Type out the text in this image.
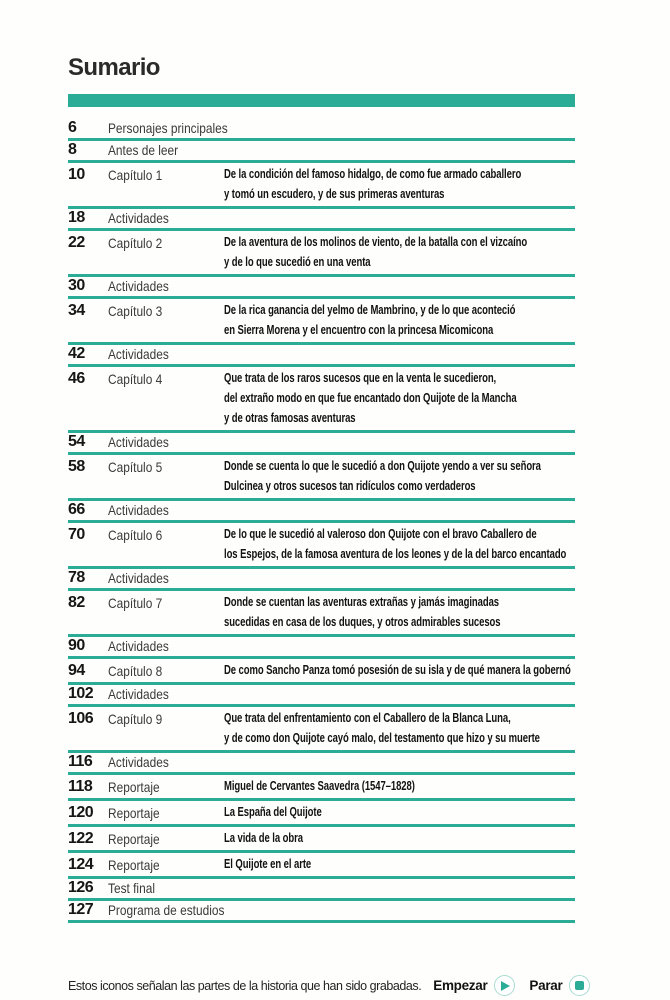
Sumario
6	Personajes principales
8	Antes de leer
10	Capítulo 1	De la condición del famoso hidalgo, de como fue armado caballero
y tomó un escudero, y de sus primeras aventuras
18	Actividades
22	Capítulo 2	De la aventura de los molinos de viento, de la batalla con el vizcaíno
y de lo que sucedió en una venta
30	Actividades
34	Capítulo 3	De la rica ganancia del yelmo de Mambrino, y de lo que aconteció
en Sierra Morena y el encuentro con la princesa Micomicona
42	Actividades
46	Capítulo 4	Que trata de los raros sucesos que en la venta le sucedieron,
del extraño modo en que fue encantado don Quijote de la Mancha
y de otras famosas aventuras
54	Actividades
58	Capítulo 5	Donde se cuenta lo que le sucedió a don Quijote yendo a ver su señora
Dulcinea y otros sucesos tan ridículos como verdaderos
66	Actividades
70	Capítulo 6	De lo que le sucedió al valeroso don Quijote con el bravo Caballero de
los Espejos, de la famosa aventura de los leones y de la del barco encantado
78	Actividades
82	Capítulo 7	Donde se cuentan las aventuras extrañas y jamás imaginadas
sucedidas en casa de los duques, y otros admirables sucesos
90	Actividades
94	Capítulo 8	De como Sancho Panza tomó posesión de su isla y de qué manera la gobernó
102	Actividades
106	Capítulo 9	Que trata del enfrentamiento con el Caballero de la Blanca Luna,
y de como don Quijote cayó malo, del testamento que hizo y su muerte
116	Actividades
118	Reportaje	Miguel de Cervantes Saavedra (1547–1828)
120	Reportaje	La España del Quijote
122	Reportaje	La vida de la obra
124	Reportaje	El Quijote en el arte
126	Test final
127	Programa de estudios
Estos iconos señalan las partes de la historia que han sido grabadas. Empezar	Parar
